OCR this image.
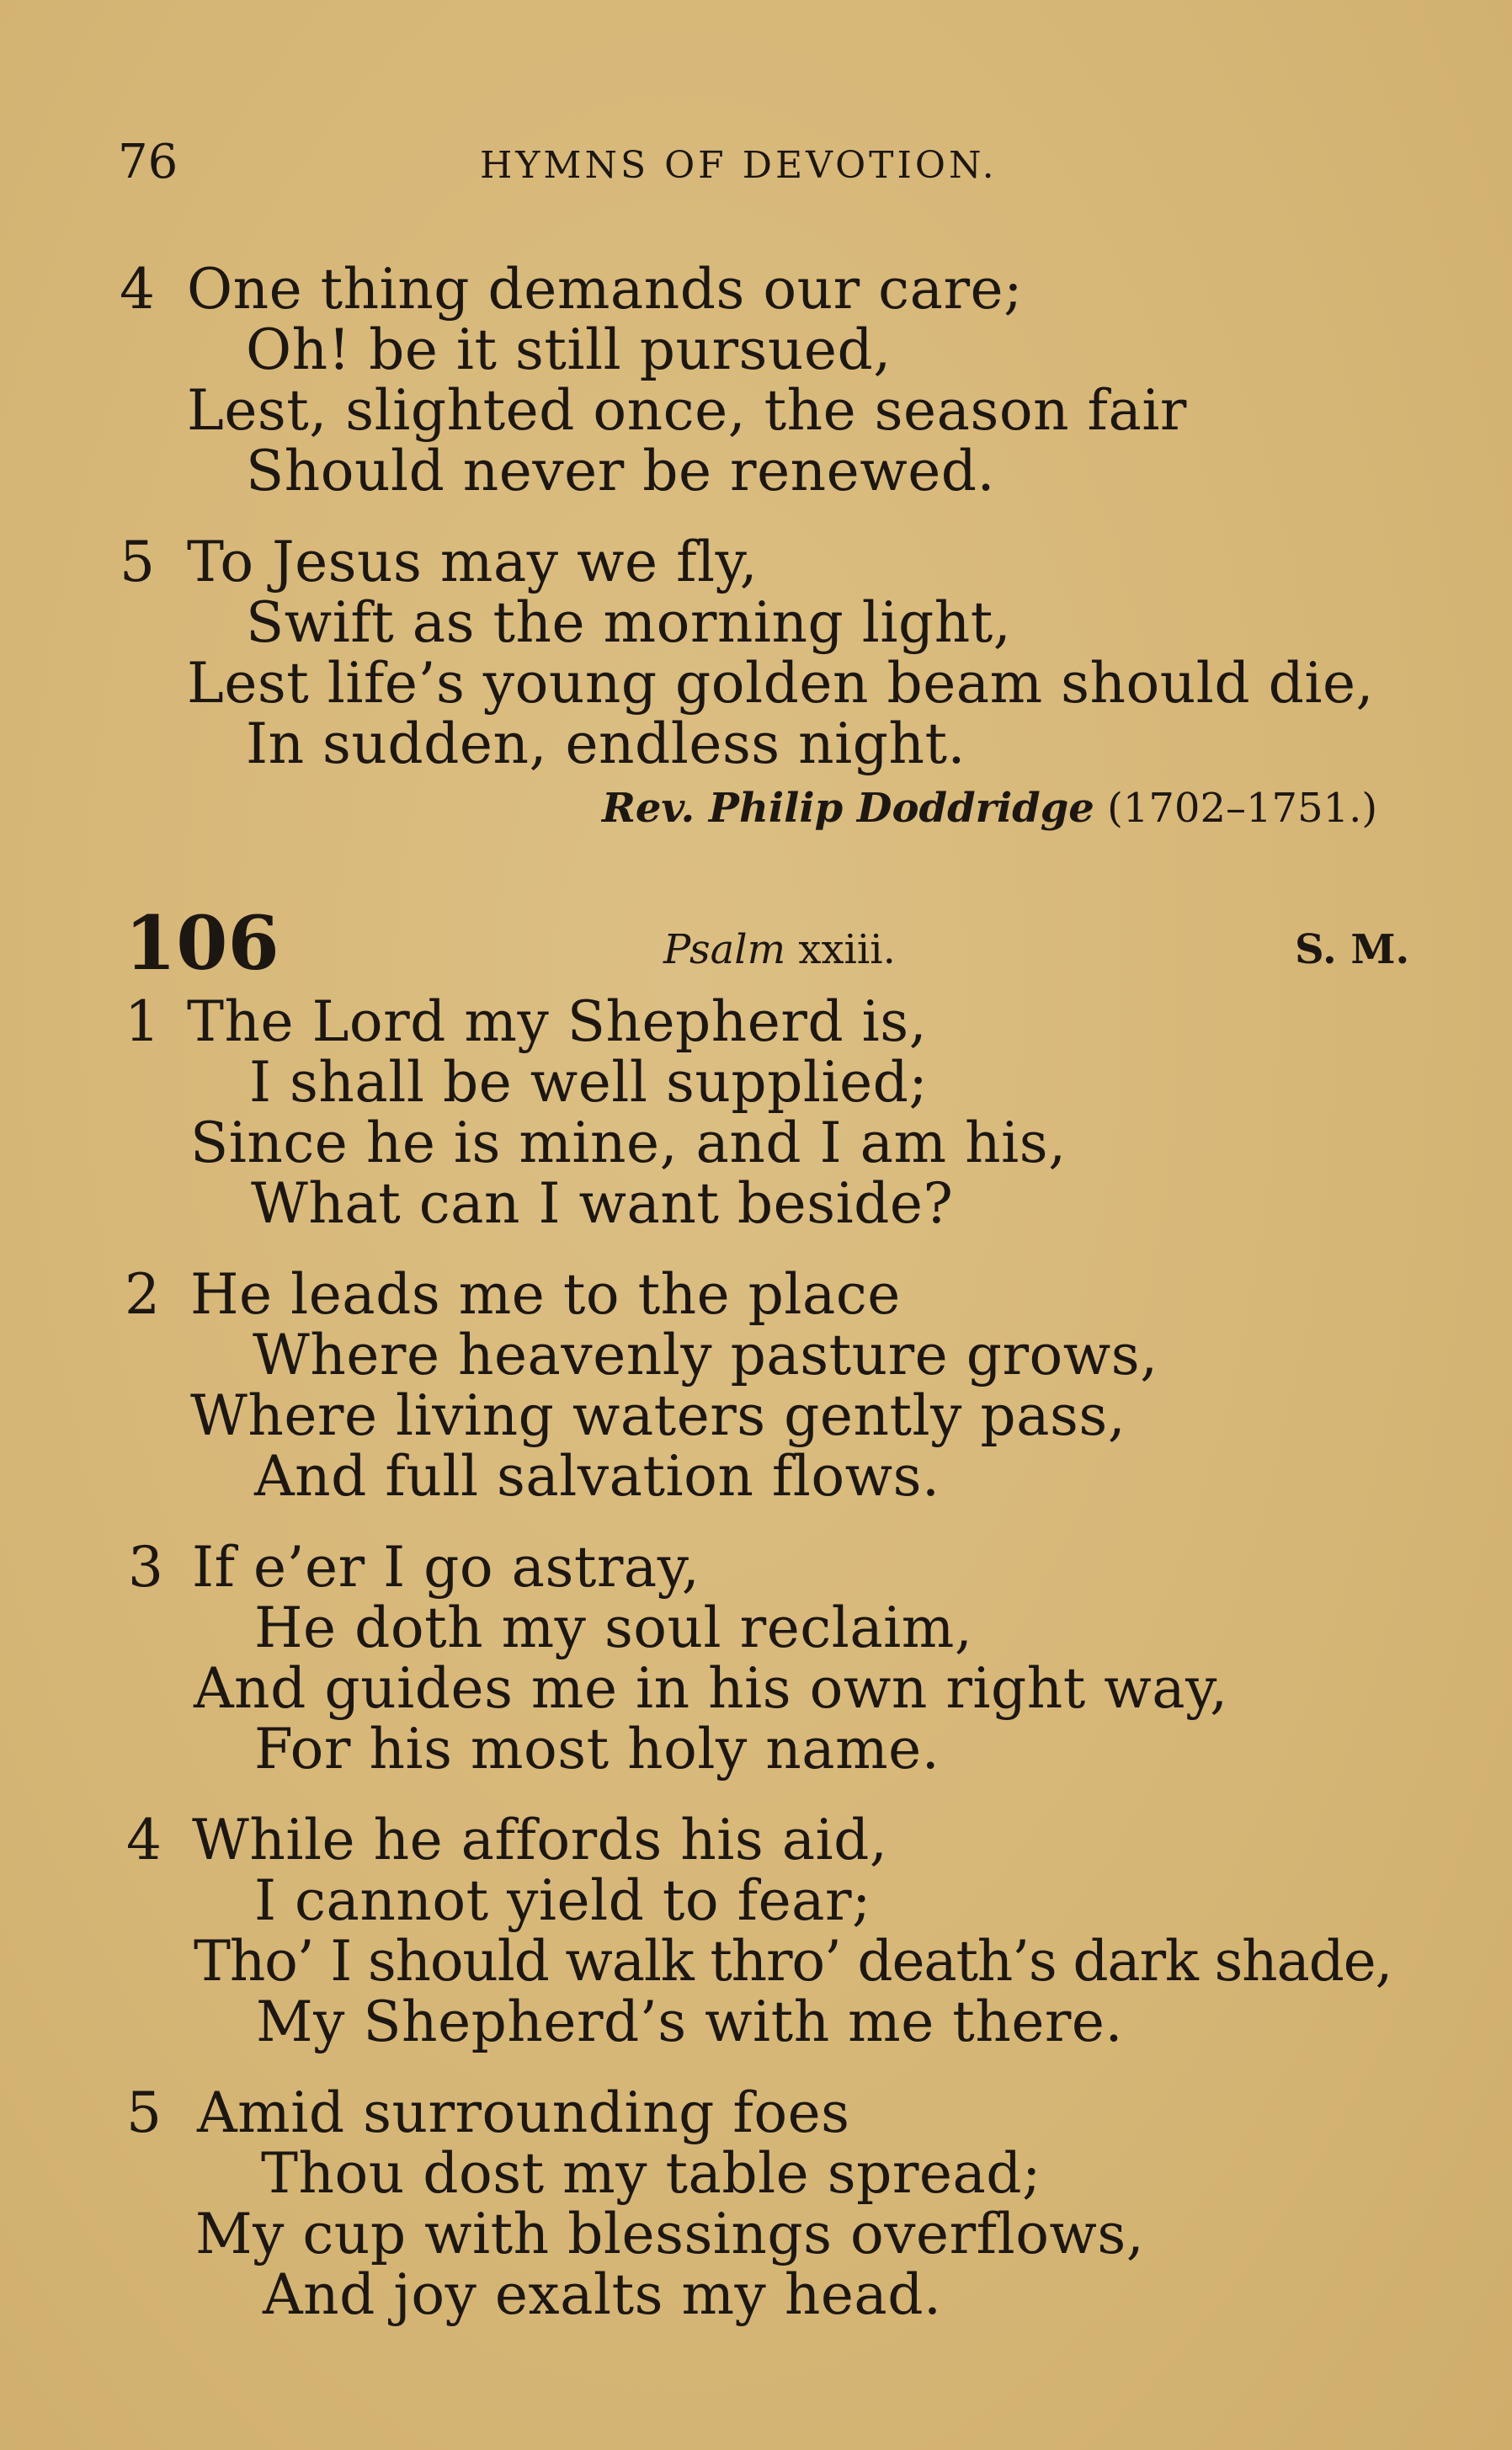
76	HYMNS OF DEVOTION.
4 One thing demands our care;
Oh! be it still pursued,
Lest, slighted once, the season fair
Should never be renewed.
5 To Jesus may we fly,
Swift as the morning light,
Lest life’s young golden beam should die,
In sudden, endless night.
Rev. Philip Doddridge (1702–1751.)
106	Psalm xxiii.	S. M.
1 The Lord my Shepherd is,
I shall be well supplied;
Since he is mine, and I am his,
What can I want beside?
2 He leads me to the place
Where heavenly pasture grows,
Where living waters gently pass,
And full salvation flows.
3 If e’er I go astray,
He doth my soul reclaim,
And guides me in his own right way,
For his most holy name.
4 While he affords his aid,
I cannot yield to fear;
Tho’ I should walk thro’ death’s dark shade,
My Shepherd’s with me there.
5 Amid surrounding foes
Thou dost my table spread;
My cup with blessings overflows,
And joy exalts my head.
